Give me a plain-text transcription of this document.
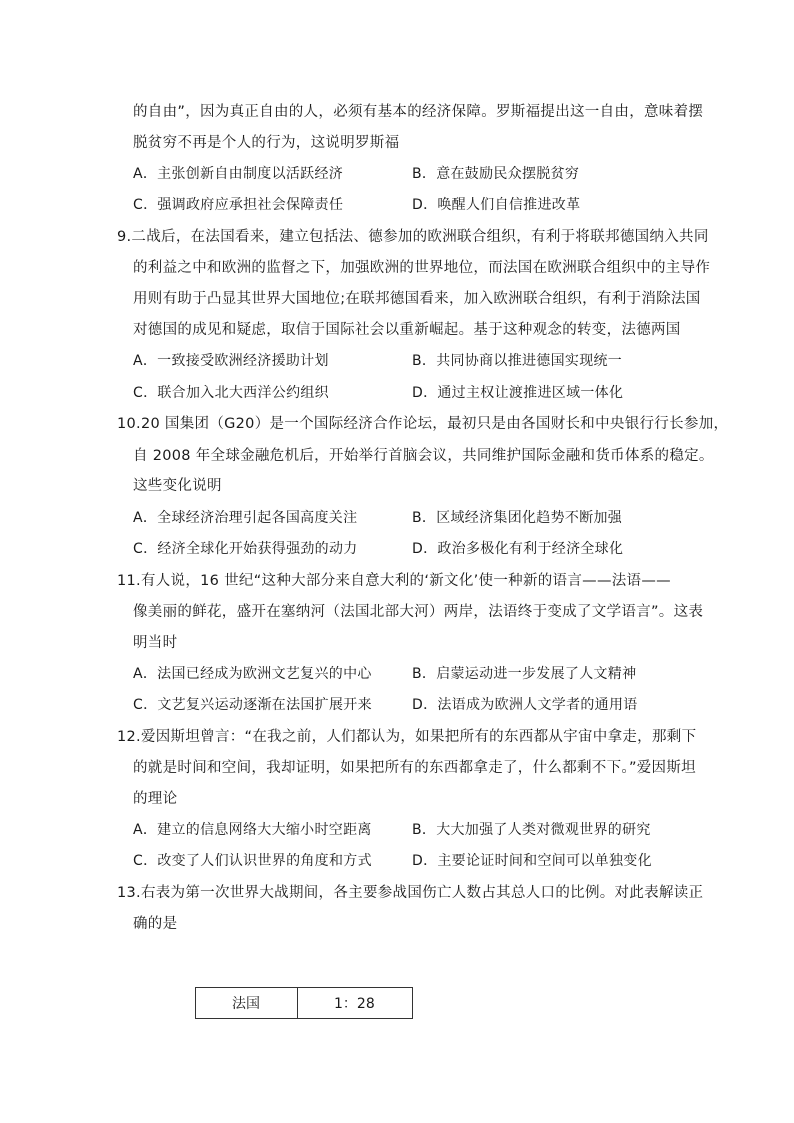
的自由”，因为真正自由的人，必须有基本的经济保障。罗斯福提出这一自由，意味着摆
脱贫穷不再是个人的行为，这说明罗斯福
A．主张创新自由制度以活跃经济	B．意在鼓励民众摆脱贫穷
C．强调政府应承担社会保障责任	D．唤醒人们自信推进改革
9.二战后，在法国看来，建立包括法、德参加的欧洲联合组织，有利于将联邦德国纳入共同
的利益之中和欧洲的监督之下，加强欧洲的世界地位，而法国在欧洲联合组织中的主导作
用则有助于凸显其世界大国地位;在联邦德国看来，加入欧洲联合组织，有利于消除法国
对德国的成见和疑虑，取信于国际社会以重新崛起。基于这种观念的转变，法德两国
A．一致接受欧洲经济援助计划	B．共同协商以推进德国实现统一
C．联合加入北大西洋公约组织	D．通过主权让渡推进区域一体化
10.20 国集团（G20）是一个国际经济合作论坛，最初只是由各国财长和中央银行行长参加，
自 2008 年全球金融危机后，开始举行首脑会议，共同维护国际金融和货币体系的稳定。
这些变化说明
A．全球经济治理引起各国高度关注	B．区域经济集团化趋势不断加强
C．经济全球化开始获得强劲的动力	D．政治多极化有利于经济全球化
11.有人说，16 世纪“这种大部分来自意大利的‘新文化’使一种新的语言——法语——
像美丽的鲜花，盛开在塞纳河（法国北部大河）两岸，法语终于变成了文学语言”。这表
明当时
A．法国已经成为欧洲文艺复兴的中心	B．启蒙运动进一步发展了人文精神
C．文艺复兴运动逐渐在法国扩展开来	D．法语成为欧洲人文学者的通用语
12.爱因斯坦曾言：“在我之前，人们都认为，如果把所有的东西都从宇宙中拿走，那剩下
的就是时间和空间，我却证明，如果把所有的东西都拿走了，什么都剩不下。”爱因斯坦
的理论
A．建立的信息网络大大缩小时空距离	B．大大加强了人类对微观世界的研究
C．改变了人们认识世界的角度和方式	D．主要论证时间和空间可以单独变化
13.右表为第一次世界大战期间，各主要参战国伤亡人数占其总人口的比例。对此表解读正
确的是
法国	1：28
